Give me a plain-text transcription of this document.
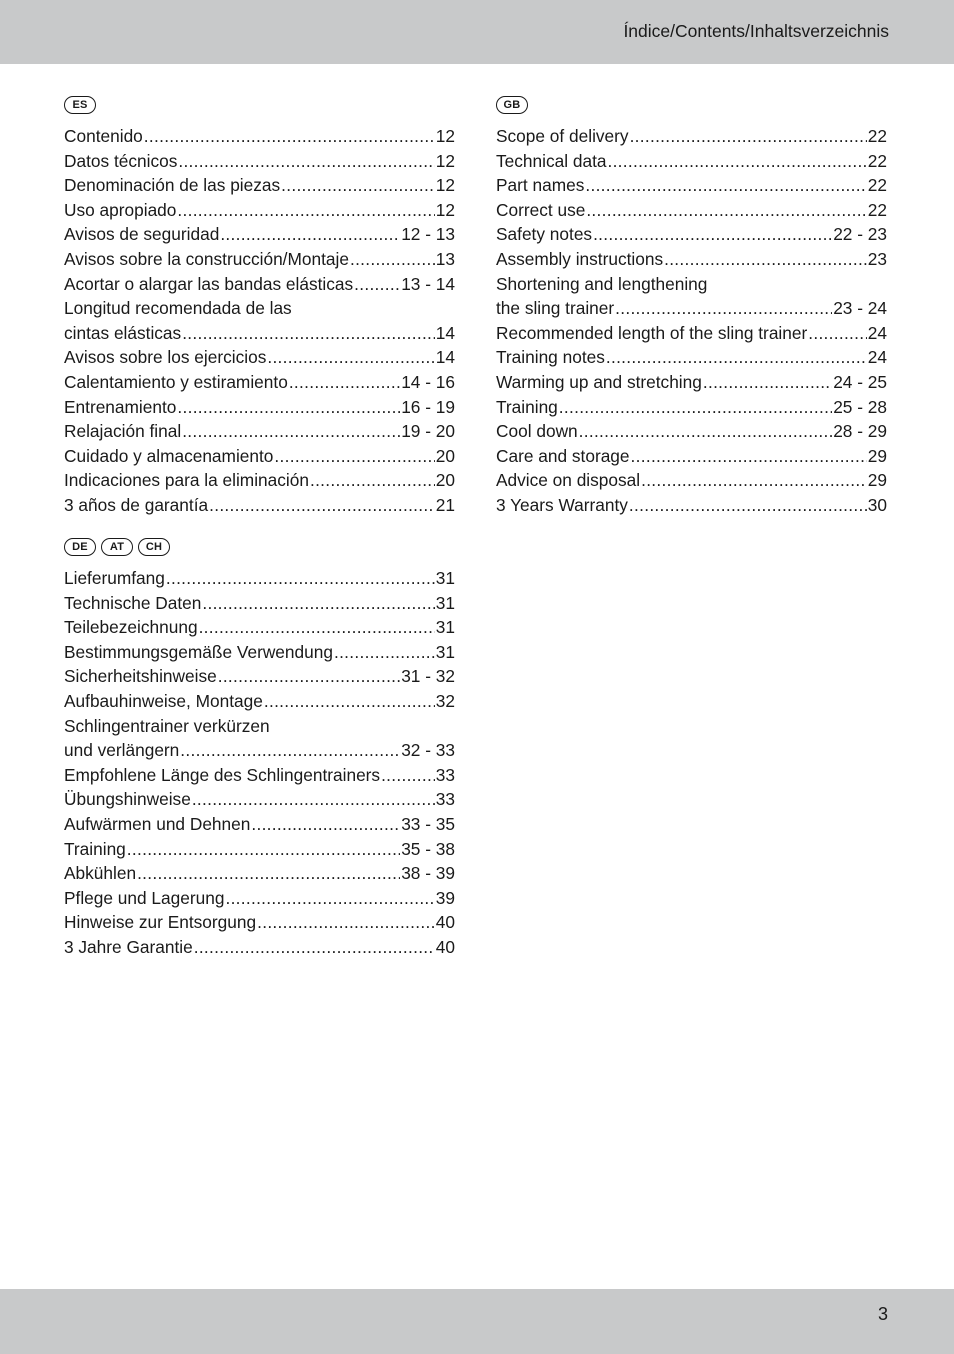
Índice/Contents/Inhaltsverzeichnis
ES
Contenido .....	12
Datos técnicos .....	12
Denominación de las piezas .....	12
Uso apropiado .....	12
Avisos de seguridad .....	12 - 13
Avisos sobre la construcción/Montaje .....	13
Acortar o alargar las bandas elásticas .....	13 - 14
Longitud recomendada de las
cintas elásticas .....	14
Avisos sobre los ejercicios .....	14
Calentamiento y estiramiento .....	14 - 16
Entrenamiento .....	16 - 19
Relajación final .....	19 - 20
Cuidado y almacenamiento .....	20
Indicaciones para la eliminación .....	20
3 años de garantía .....	21
GB
Scope of delivery .....	22
Technical data .....	22
Part names .....	22
Correct use .....	22
Safety notes .....	22 - 23
Assembly instructions .....	23
Shortening and lengthening
the sling trainer .....	23 - 24
Recommended length of the sling trainer .....	24
Training notes .....	24
Warming up and stretching .....	24 - 25
Training .....	25 - 28
Cool down .....	28 - 29
Care and storage .....	29
Advice on disposal .....	29
3 Years Warranty .....	30
DE	AT	CH
Lieferumfang .....	31
Technische Daten .....	31
Teilebezeichnung .....	31
Bestimmungsgemäße Verwendung .....	31
Sicherheitshinweise .....	31 - 32
Aufbauhinweise, Montage .....	32
Schlingentrainer verkürzen
und verlängern .....	32 - 33
Empfohlene Länge des Schlingentrainers .....	33
Übungshinweise .....	33
Aufwärmen und Dehnen .....	33 - 35
Training .....	35 - 38
Abkühlen .....	38 - 39
Pflege und Lagerung .....	39
Hinweise zur Entsorgung .....	40
3 Jahre Garantie .....	40
3
